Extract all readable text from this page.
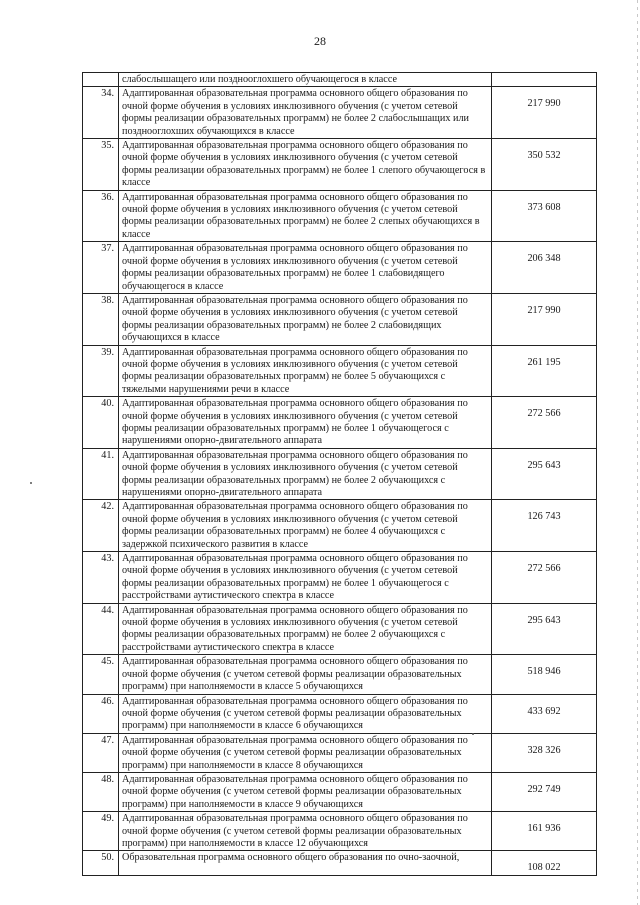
28
	слабослышащего или позднооглохшего обучающегося в классе	
34.	Адаптированная образовательная программа основного общего образования по очной форме обучения в условиях инклюзивного обучения (с учетом сетевой формы реализации образовательных программ) не более 2 слабослышащих или позднооглохших обучающихся в классе	217 990
35.	Адаптированная образовательная программа основного общего образования по очной форме обучения в условиях инклюзивного обучения (с учетом сетевой формы реализации образовательных программ) не более 1 слепого обучающегося в классе	350 532
36.	Адаптированная образовательная программа основного общего образования по очной форме обучения в условиях инклюзивного обучения (с учетом сетевой формы реализации образовательных программ) не более 2 слепых обучающихся в классе	373 608
37.	Адаптированная образовательная программа основного общего образования по очной форме обучения в условиях инклюзивного обучения (с учетом сетевой формы реализации образовательных программ) не более 1 слабовидящего обучающегося в классе	206 348
38.	Адаптированная образовательная программа основного общего образования по очной форме обучения в условиях инклюзивного обучения (с учетом сетевой формы реализации образовательных программ) не более 2 слабовидящих обучающихся в классе	217 990
39.	Адаптированная образовательная программа основного общего образования по очной форме обучения в условиях инклюзивного обучения (с учетом сетевой формы реализации образовательных программ) не более 5 обучающихся с тяжелыми нарушениями речи в классе	261 195
40.	Адаптированная образовательная программа основного общего образования по очной форме обучения в условиях инклюзивного обучения (с учетом сетевой формы реализации образовательных программ) не более 1 обучающегося с нарушениями опорно-двигательного аппарата	272 566
41.	Адаптированная образовательная программа основного общего образования по очной форме обучения в условиях инклюзивного обучения (с учетом сетевой формы реализации образовательных программ) не более 2 обучающихся с нарушениями опорно-двигательного аппарата	295 643
42.	Адаптированная образовательная программа основного общего образования по очной форме обучения в условиях инклюзивного обучения (с учетом сетевой формы реализации образовательных программ) не более 4 обучающихся с задержкой психического развития в классе	126 743
43.	Адаптированная образовательная программа основного общего образования по очной форме обучения в условиях инклюзивного обучения (с учетом сетевой формы реализации образовательных программ) не более 1 обучающегося с расстройствами аутистического спектра в классе	272 566
44.	Адаптированная образовательная программа основного общего образования по очной форме обучения в условиях инклюзивного обучения (с учетом сетевой формы реализации образовательных программ) не более 2 обучающихся с расстройствами аутистического спектра в классе	295 643
45.	Адаптированная образовательная программа основного общего образования по очной форме обучения (с учетом сетевой формы реализации образовательных программ) при наполняемости в классе 5 обучающихся	518 946
46.	Адаптированная образовательная программа основного общего образования по очной форме обучения (с учетом сетевой формы реализации образовательных программ) при наполняемости в классе 6 обучающихся	433 692
47.	Адаптированная образовательная программа основного общего образования по очной форме обучения (с учетом сетевой формы реализации образовательных программ) при наполняемости в классе 8 обучающихся	328 326
48.	Адаптированная образовательная программа основного общего образования по очной форме обучения (с учетом сетевой формы реализации образовательных программ) при наполняемости в классе 9 обучающихся	292 749
49.	Адаптированная образовательная программа основного общего образования по очной форме обучения (с учетом сетевой формы реализации образовательных программ) при наполняемости в классе 12 обучающихся	161 936
50.	Образовательная программа основного общего образования по очно-заочной,	108 022
